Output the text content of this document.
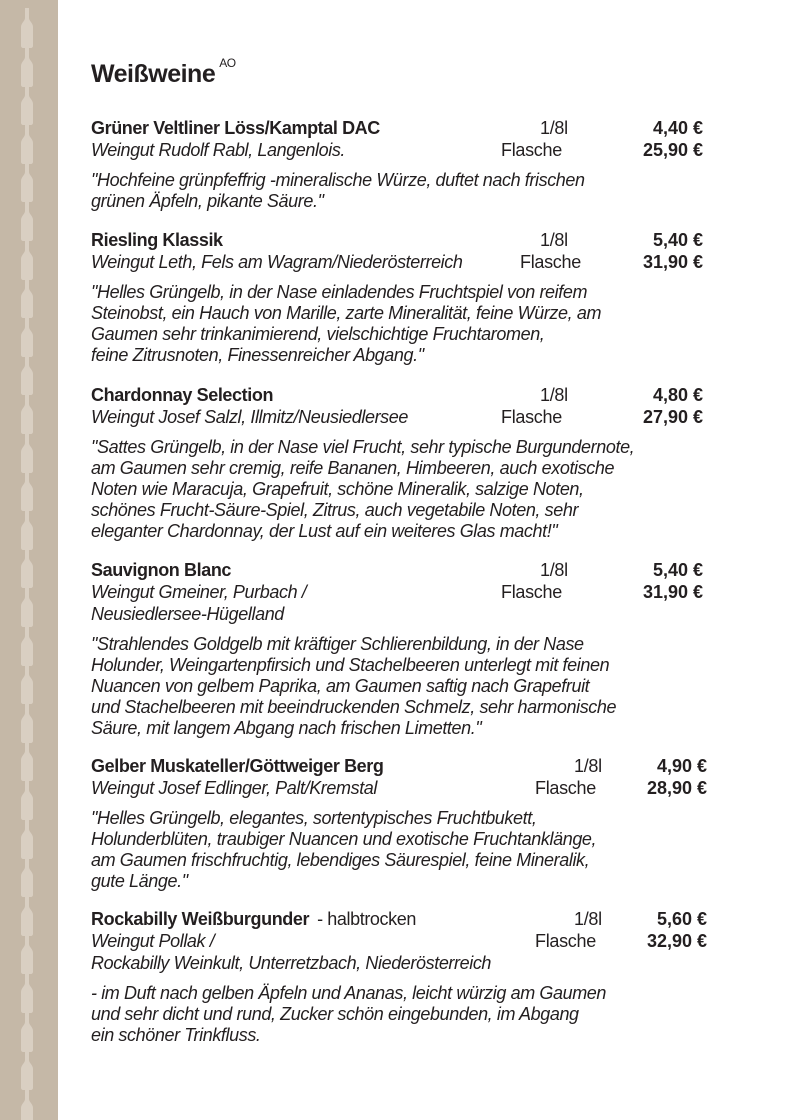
Weißweine $^{AO}$
Grüner Veltliner Löss/Kamptal DAC	1/8l	4,40 €
Weingut Rudolf Rabl, Langenlois.	Flasche	25,90 €
"Hochfeine grünpfeffrig -mineralische Würze, duftet nach frischen
grünen Äpfeln, pikante Säure."
Riesling Klassik	1/8l	5,40 €
Weingut Leth, Fels am Wagram/Niederösterreich	Flasche	31,90 €
"Helles Grüngelb, in der Nase einladendes Fruchtspiel von reifem
Steinobst, ein Hauch von Marille, zarte Mineralität, feine Würze, am
Gaumen sehr trinkanimierend, vielschichtige Fruchtaromen,
feine Zitrusnoten, Finessenreicher Abgang."
Chardonnay Selection	1/8l	4,80 €
Weingut Josef Salzl, Illmitz/Neusiedlersee	Flasche	27,90 €
"Sattes Grüngelb, in der Nase viel Frucht, sehr typische Burgundernote,
am Gaumen sehr cremig, reife Bananen, Himbeeren, auch exotische
Noten wie Maracuja, Grapefruit, schöne Mineralik, salzige Noten,
schönes Frucht-Säure-Spiel, Zitrus, auch vegetabile Noten, sehr
eleganter Chardonnay, der Lust auf ein weiteres Glas macht!"
Sauvignon Blanc	1/8l	5,40 €
Weingut Gmeiner, Purbach /	Flasche	31,90 €
Neusiedlersee-Hügelland
"Strahlendes Goldgelb mit kräftiger Schlierenbildung, in der Nase
Holunder, Weingartenpfirsich und Stachelbeeren unterlegt mit feinen
Nuancen von gelbem Paprika, am Gaumen saftig nach Grapefruit
und Stachelbeeren mit beeindruckenden Schmelz, sehr harmonische
Säure, mit langem Abgang nach frischen Limetten."
Gelber Muskateller/Göttweiger Berg	1/8l	4,90 €
Weingut Josef Edlinger, Palt/Kremstal	Flasche	28,90 €
"Helles Grüngelb, elegantes, sortentypisches Fruchtbukett,
Holunderblüten, traubiger Nuancen und exotische Fruchtanklänge,
am Gaumen frischfruchtig, lebendiges Säurespiel, feine Mineralik,
gute Länge."
Rockabilly Weißburgunder - halbtrocken	1/8l	5,60 €
Weingut Pollak /	Flasche	32,90 €
Rockabilly Weinkult, Unterretzbach, Niederösterreich
- im Duft nach gelben Äpfeln und Ananas, leicht würzig am Gaumen
und sehr dicht und rund, Zucker schön eingebunden, im Abgang
ein schöner Trinkfluss.
